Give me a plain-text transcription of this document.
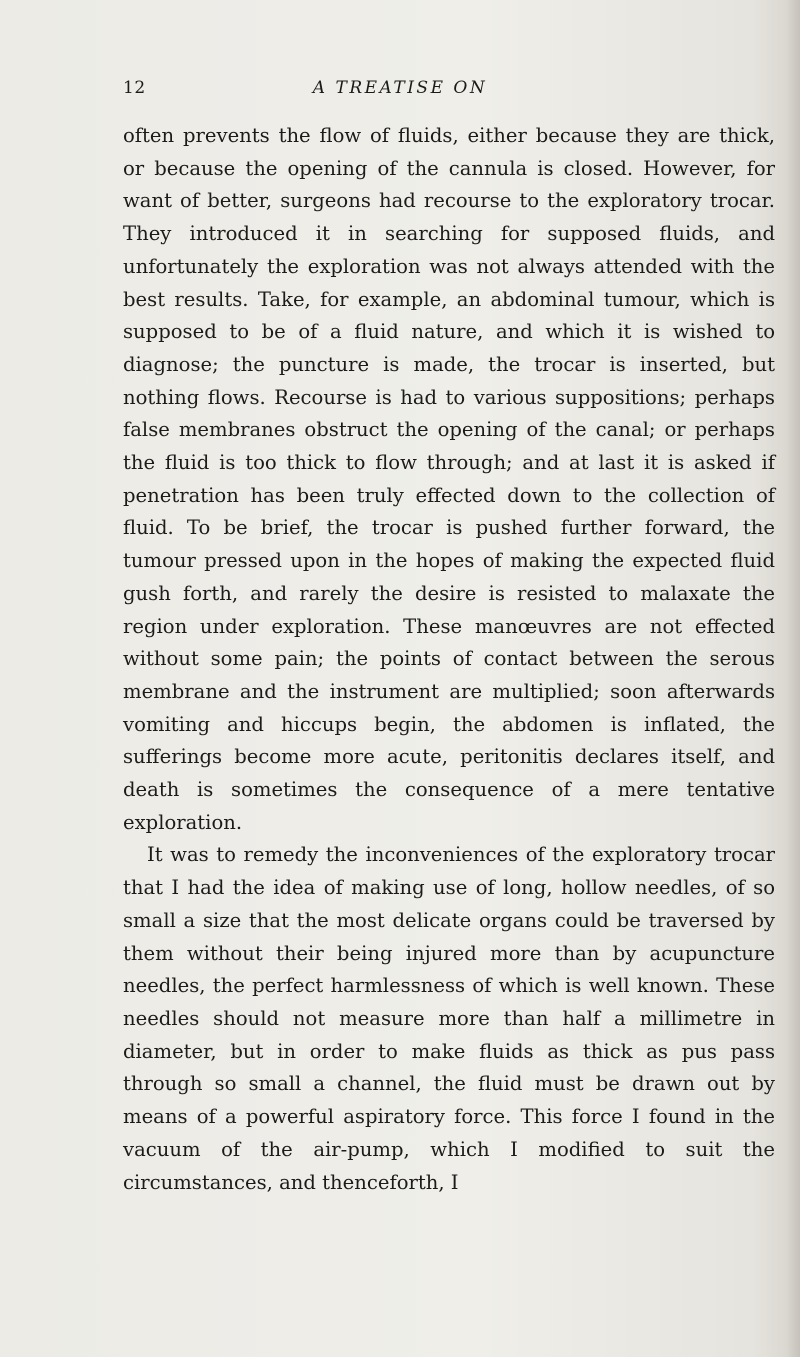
12	A TREATISE ON

often prevents the flow of fluids, either because they are thick, or because the opening of the cannula is closed. However, for want of better, surgeons had recourse to the exploratory trocar. They introduced it in searching for supposed fluids, and unfortunately the exploration was not always attended with the best results. Take, for example, an abdominal tumour, which is supposed to be of a fluid nature, and which it is wished to diagnose; the puncture is made, the trocar is inserted, but nothing flows. Recourse is had to various suppositions; perhaps false membranes obstruct the opening of the canal; or perhaps the fluid is too thick to flow through; and at last it is asked if penetration has been truly effected down to the collection of fluid. To be brief, the trocar is pushed further forward, the tumour pressed upon in the hopes of making the expected fluid gush forth, and rarely the desire is resisted to malaxate the region under exploration. These manœuvres are not effected without some pain; the points of contact between the serous membrane and the instrument are multiplied; soon afterwards vomiting and hiccups begin, the abdomen is inflated, the sufferings become more acute, peritonitis declares itself, and death is sometimes the consequence of a mere tentative exploration.

It was to remedy the inconveniences of the exploratory trocar that I had the idea of making use of long, hollow needles, of so small a size that the most delicate organs could be traversed by them without their being injured more than by acupuncture needles, the perfect harmlessness of which is well known. These needles should not measure more than half a millimetre in diameter, but in order to make fluids as thick as pus pass through so small a channel, the fluid must be drawn out by means of a powerful aspiratory force. This force I found in the vacuum of the air-pump, which I modified to suit the circumstances, and thenceforth, I
